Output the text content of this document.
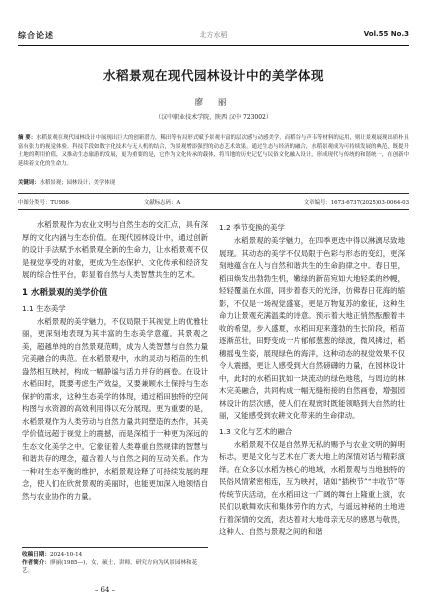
综合论述	北方水稻	Vol.55 No.3
水稻景观在现代园林设计中的美学体现
廖 丽
（汉中职业技术学院，陕西 汉中 723002）
摘 要：水稻景观在现代园林设计中展现出巨大的创新潜力，稀田等有局形式赋予景观丰富的层次感与动感美学，而稻谷与声韦等材料的运用，则让景观展现出质朴且富有张力的视觉体验。科技手段如数字化技术与无人机的结合，为景观增添强烈的动态艺术效果。通过生态与经济的融合，水稻景观成为可持续发展的典范，既提升土地的利用价值，又推动生态旅游的发展，更为重要的是，它作为文化传承的载体，将当地的历史记忆与民俗文化融入设计，形成现代与传统的和谐统一，在创新中延续着文化的生命力。
关键词：水稻景观；园林设计；美学体现
中图分类号：TU986	文献标志码：A	文章编号：1673-6737(2025)03-0064-03

水稻景观作为农业文明与自然生态的交汇点，具有深厚的文化内涵与生态价值。在现代园林设计中，通过创新的设计手法赋予水稻景观全新的生命力，让水稻景观不仅是视觉享受的对象，更成为生态保护、文化传承和经济发展的综合性平台，彰显着自然与人类智慧共生的艺术。

1 水稻景观的美学价值
1.1 生态美学

水稻景观的美学魅力，不仅局限于其视觉上的优雅壮丽，更深刻地表现为其丰富的生态美学意蕴。其景观之美，超越单纯的自然景观范畴，成为人类智慧与自然力量完美融合的典范。在水稻景观中，水的灵动与稻苗的生机盎然相互映衬，构成一幅静谧与活力并存的画卷。在设计水稻田时，既要考虑生产效益，又要兼顾水土保持与生态保护的需求，这种生态美学的体现，通过稻田独特的空间构图与水资源的高效利用得以充分展现。更为重要的是，水稻景观作为人类劳动与自然力量共同塑造的杰作，其美学价值远超于视觉上的震撼，而是深植于一种更为深远的生态文化美学之中。它象征着人类尊重自然规律的智慧与和谐共存的理念，蕴含着人与自然之间的互动关系。作为一种对生态平衡的维护，水稻景观诠释了可持续发展的理念，使人们在欣赏景观的美丽时，也能更加深入地领悟自然与农业协作的力量。

1.2 季节变换的美学

水稻景观的美学魅力，在四季更迭中得以淋漓尽致地展现。其动态的美学不仅局限于色彩与形态的变幻，更深刻地蕴含在人与自然和谐共生的生命韵律之中。春日里，稻田焕发出勃勃生机，嫩绿的新苗宛如大地轻柔的纱幔，轻轻覆盖在水面，同步着春天的光泽，仿佛春日花海的缩影，不仅是一场视觉盛宴，更是万物复苏的象征，这种生命力让景观充满温柔的诗意。预示着大地正悄然酝酿着丰收的希望，步入盛夏，水稻田迎来蓬勃的生长阶段，稻苗逐渐茁壮，田野变成一片郁郁葱葱的绿波，微风拂过，稻穗摇曳生姿，展现绿色的海洋，这种动态的视觉效果不仅令人震撼，更让人感受到大自然磅礴的力量，在园林设计中，此时的水稻田犹如一块流动的绿色地毯，与周边的林木完美融合，共同构成一幅无缝衔接的自然画卷，增强园林设计的层次感，使人们在观赏时既能领略到大自然的壮丽，又能感受到农耕文化带来的生命律动。

1.3 文化与艺术的融合

水稻景观不仅是自然界无私的赐予与农业文明的鲜明标志，更是文化与艺术在广袤大地上的深情对话与精彩演绎。在众多以水稻为核心的地域，水稻景观与当地独特的民俗风情紧密相连，互为映衬，诸如“插秧节”“丰收节”等传统节庆活动，在水稻田这一广阔的舞台上隆重上演，农民们以歌舞欢庆和集体劳作的方式，与遥远神秘的土地进行着深情的交流，表达着对大地母亲无尽的感恩与敬畏，这种人、自然与景观之间的和谐

收稿日期：2024-10-14
作者简介：廖丽(1985—)，女，硕士，讲师，研究方向为风景园林和花艺。
– 64 –
